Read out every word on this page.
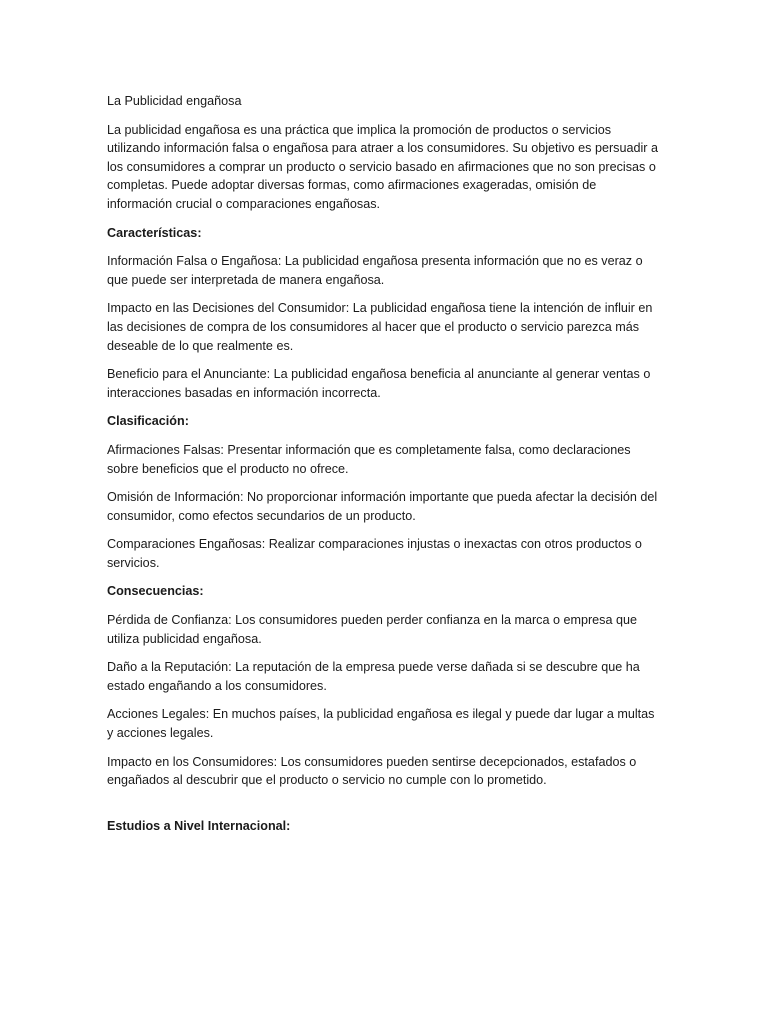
La Publicidad engañosa

La publicidad engañosa es una práctica que implica la promoción de productos o servicios utilizando información falsa o engañosa para atraer a los consumidores. Su objetivo es persuadir a los consumidores a comprar un producto o servicio basado en afirmaciones que no son precisas o completas. Puede adoptar diversas formas, como afirmaciones exageradas, omisión de información crucial o comparaciones engañosas.

Características:

Información Falsa o Engañosa: La publicidad engañosa presenta información que no es veraz o que puede ser interpretada de manera engañosa.

Impacto en las Decisiones del Consumidor: La publicidad engañosa tiene la intención de influir en las decisiones de compra de los consumidores al hacer que el producto o servicio parezca más deseable de lo que realmente es.

Beneficio para el Anunciante: La publicidad engañosa beneficia al anunciante al generar ventas o interacciones basadas en información incorrecta.

Clasificación:

Afirmaciones Falsas: Presentar información que es completamente falsa, como declaraciones sobre beneficios que el producto no ofrece.

Omisión de Información: No proporcionar información importante que pueda afectar la decisión del consumidor, como efectos secundarios de un producto.

Comparaciones Engañosas: Realizar comparaciones injustas o inexactas con otros productos o servicios.

Consecuencias:

Pérdida de Confianza: Los consumidores pueden perder confianza en la marca o empresa que utiliza publicidad engañosa.

Daño a la Reputación: La reputación de la empresa puede verse dañada si se descubre que ha estado engañando a los consumidores.

Acciones Legales: En muchos países, la publicidad engañosa es ilegal y puede dar lugar a multas y acciones legales.

Impacto en los Consumidores: Los consumidores pueden sentirse decepcionados, estafados o engañados al descubrir que el producto o servicio no cumple con lo prometido.

Estudios a Nivel Internacional:
